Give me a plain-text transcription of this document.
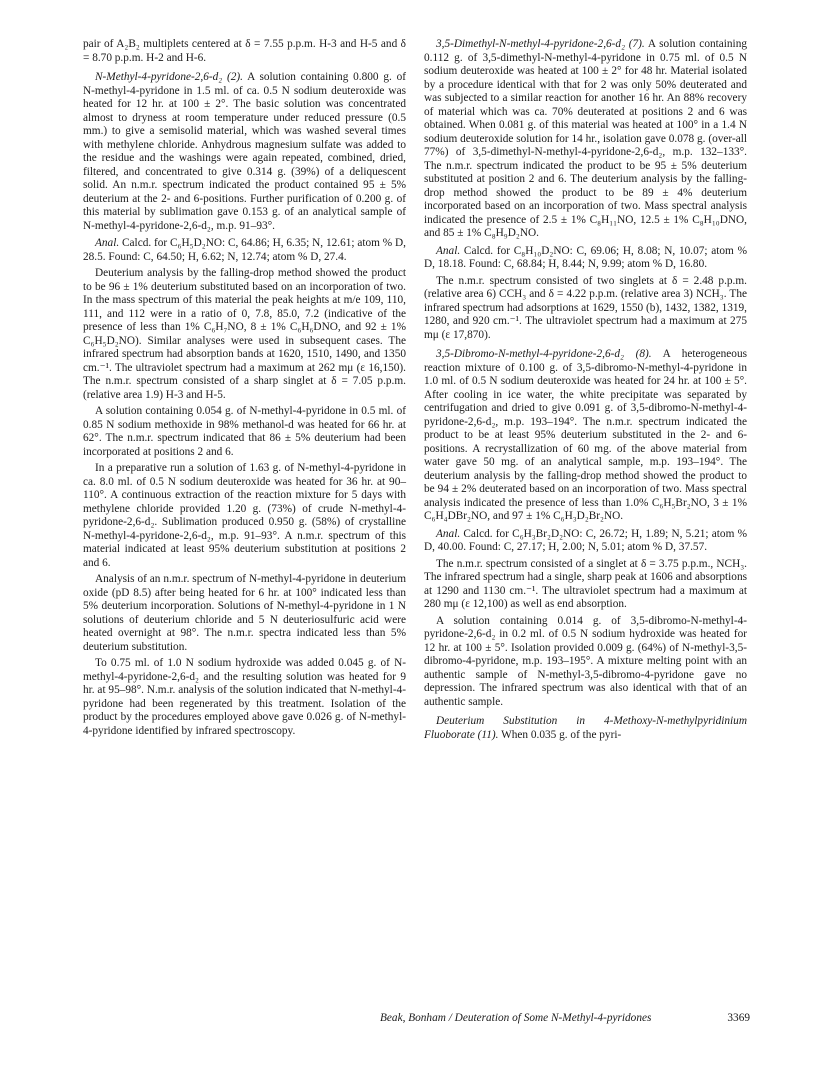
pair of A₂B₂ multiplets centered at δ = 7.55 p.p.m. H-3 and H-5 and δ = 8.70 p.p.m. H-2 and H-6.

N-Methyl-4-pyridone-2,6-d₂ (2). A solution containing 0.800 g. of N-methyl-4-pyridone in 1.5 ml. of ca. 0.5 N sodium deuteroxide was heated for 12 hr. at 100 ± 2°. The basic solution was concentrated almost to dryness at room temperature under reduced pressure (0.5 mm.) to give a semisolid material, which was washed several times with methylene chloride. Anhydrous magnesium sulfate was added to the residue and the washings were again repeated, combined, dried, filtered, and concentrated to give 0.314 g. (39%) of a deliquescent solid. An n.m.r. spectrum indicated the product contained 95 ± 5% deuterium at the 2- and 6-positions. Further purification of 0.200 g. of this material by sublimation gave 0.153 g. of an analytical sample of N-methyl-4-pyridone-2,6-d₂, m.p. 91–93°.

Anal. Calcd. for C₆H₅D₂NO: C, 64.86; H, 6.35; N, 12.61; atom % D, 28.5. Found: C, 64.50; H, 6.62; N, 12.74; atom % D, 27.4.

Deuterium analysis by the falling-drop method showed the product to be 96 ± 1% deuterium substituted based on an incorporation of two. In the mass spectrum of this material the peak heights at m/e 109, 110, 111, and 112 were in a ratio of 0, 7.8, 85.0, 7.2 (indicative of the presence of less than 1% C₆H₇NO, 8 ± 1% C₆H₆DNO, and 92 ± 1% C₆H₅D₂NO). Similar analyses were used in subsequent cases. The infrared spectrum had absorption bands at 1620, 1510, 1490, and 1350 cm.⁻¹. The ultraviolet spectrum had a maximum at 262 mμ (ε 16,150). The n.m.r. spectrum consisted of a sharp singlet at δ = 7.05 p.p.m. (relative area 1.9) H-3 and H-5.

A solution containing 0.054 g. of N-methyl-4-pyridone in 0.5 ml. of 0.85 N sodium methoxide in 98% methanol-d was heated for 66 hr. at 62°. The n.m.r. spectrum indicated that 86 ± 5% deuterium had been incorporated at positions 2 and 6.

In a preparative run a solution of 1.63 g. of N-methyl-4-pyridone in ca. 8.0 ml. of 0.5 N sodium deuteroxide was heated for 36 hr. at 90–110°. A continuous extraction of the reaction mixture for 5 days with methylene chloride provided 1.20 g. (73%) of crude N-methyl-4-pyridone-2,6-d₂. Sublimation produced 0.950 g. (58%) of crystalline N-methyl-4-pyridone-2,6-d₂, m.p. 91–93°. A n.m.r. spectrum of this material indicated at least 95% deuterium substitution at positions 2 and 6.

Analysis of an n.m.r. spectrum of N-methyl-4-pyridone in deuterium oxide (pD 8.5) after being heated for 6 hr. at 100° indicated less than 5% deuterium incorporation. Solutions of N-methyl-4-pyridone in 1 N solutions of deuterium chloride and 5 N deuteriosulfuric acid were heated overnight at 98°. The n.m.r. spectra indicated less than 5% deuterium substitution.

To 0.75 ml. of 1.0 N sodium hydroxide was added 0.045 g. of N-methyl-4-pyridone-2,6-d₂ and the resulting solution was heated for 9 hr. at 95–98°. N.m.r. analysis of the solution indicated that N-methyl-4-pyridone had been regenerated by this treatment. Isolation of the product by the procedures employed above gave 0.026 g. of N-methyl-4-pyridone identified by infrared spectroscopy.

3,5-Dimethyl-N-methyl-4-pyridone-2,6-d₂ (7). A solution containing 0.112 g. of 3,5-dimethyl-N-methyl-4-pyridone in 0.75 ml. of 0.5 N sodium deuteroxide was heated at 100 ± 2° for 48 hr. Material isolated by a procedure identical with that for 2 was only 50% deuterated and was subjected to a similar reaction for another 16 hr. An 88% recovery of material which was ca. 70% deuterated at positions 2 and 6 was obtained. When 0.081 g. of this material was heated at 100° in a 1.4 N sodium deuteroxide solution for 14 hr., isolation gave 0.078 g. (over-all 77%) of 3,5-dimethyl-N-methyl-4-pyridone-2,6-d₂, m.p. 132–133°. The n.m.r. spectrum indicated the product to be 95 ± 5% deuterium substituted at position 2 and 6. The deuterium analysis by the falling-drop method showed the product to be 89 ± 4% deuterium incorporated based on an incorporation of two. Mass spectral analysis indicated the presence of 2.5 ± 1% C₈H₁₁NO, 12.5 ± 1% C₈H₁₀DNO, and 85 ± 1% C₈H₉D₂NO.

Anal. Calcd. for C₈H₁₀D₂NO: C, 69.06; H, 8.08; N, 10.07; atom % D, 18.18. Found: C, 68.84; H, 8.44; N, 9.99; atom % D, 16.80.

The n.m.r. spectrum consisted of two singlets at δ = 2.48 p.p.m. (relative area 6) CCH₃ and δ = 4.22 p.p.m. (relative area 3) NCH₃. The infrared spectrum had adsorptions at 1629, 1550 (b), 1432, 1382, 1319, 1280, and 920 cm.⁻¹. The ultraviolet spectrum had a maximum at 275 mμ (ε 17,870).

3,5-Dibromo-N-methyl-4-pyridone-2,6-d₂ (8). A heterogeneous reaction mixture of 0.100 g. of 3,5-dibromo-N-methyl-4-pyridone in 1.0 ml. of 0.5 N sodium deuteroxide was heated for 24 hr. at 100 ± 5°. After cooling in ice water, the white precipitate was separated by centrifugation and dried to give 0.091 g. of 3,5-dibromo-N-methyl-4-pyridone-2,6-d₂, m.p. 193–194°. The n.m.r. spectrum indicated the product to be at least 95% deuterium substituted in the 2- and 6-positions. A recrystallization of 60 mg. of the above material from water gave 50 mg. of an analytical sample, m.p. 193–194°. The deuterium analysis by the falling-drop method showed the product to be 94 ± 2% deuterated based on an incorporation of two. Mass spectral analysis indicated the presence of less than 1.0% C₆H₅Br₂NO, 3 ± 1% C₆H₄DBr₂NO, and 97 ± 1% C₆H₃D₂Br₂NO.

Anal. Calcd. for C₆H₃Br₂D₂NO: C, 26.72; H, 1.89; N, 5.21; atom % D, 40.00. Found: C, 27.17; H, 2.00; N, 5.01; atom % D, 37.57.

The n.m.r. spectrum consisted of a singlet at δ = 3.75 p.p.m., NCH₃. The infrared spectrum had a single, sharp peak at 1606 and absorptions at 1290 and 1130 cm.⁻¹. The ultraviolet spectrum had a maximum at 280 mμ (ε 12,100) as well as end absorption.

A solution containing 0.014 g. of 3,5-dibromo-N-methyl-4-pyridone-2,6-d₂ in 0.2 ml. of 0.5 N sodium hydroxide was heated for 12 hr. at 100 ± 5°. Isolation provided 0.009 g. (64%) of N-methyl-3,5-dibromo-4-pyridone, m.p. 193–195°. A mixture melting point with an authentic sample of N-methyl-3,5-dibromo-4-pyridone gave no depression. The infrared spectrum was also identical with that of an authentic sample.

Deuterium Substitution in 4-Methoxy-N-methylpyridinium Fluoborate (11). When 0.035 g. of the pyri-

Beak, Bonham / Deuteration of Some N-Methyl-4-pyridones	3369
